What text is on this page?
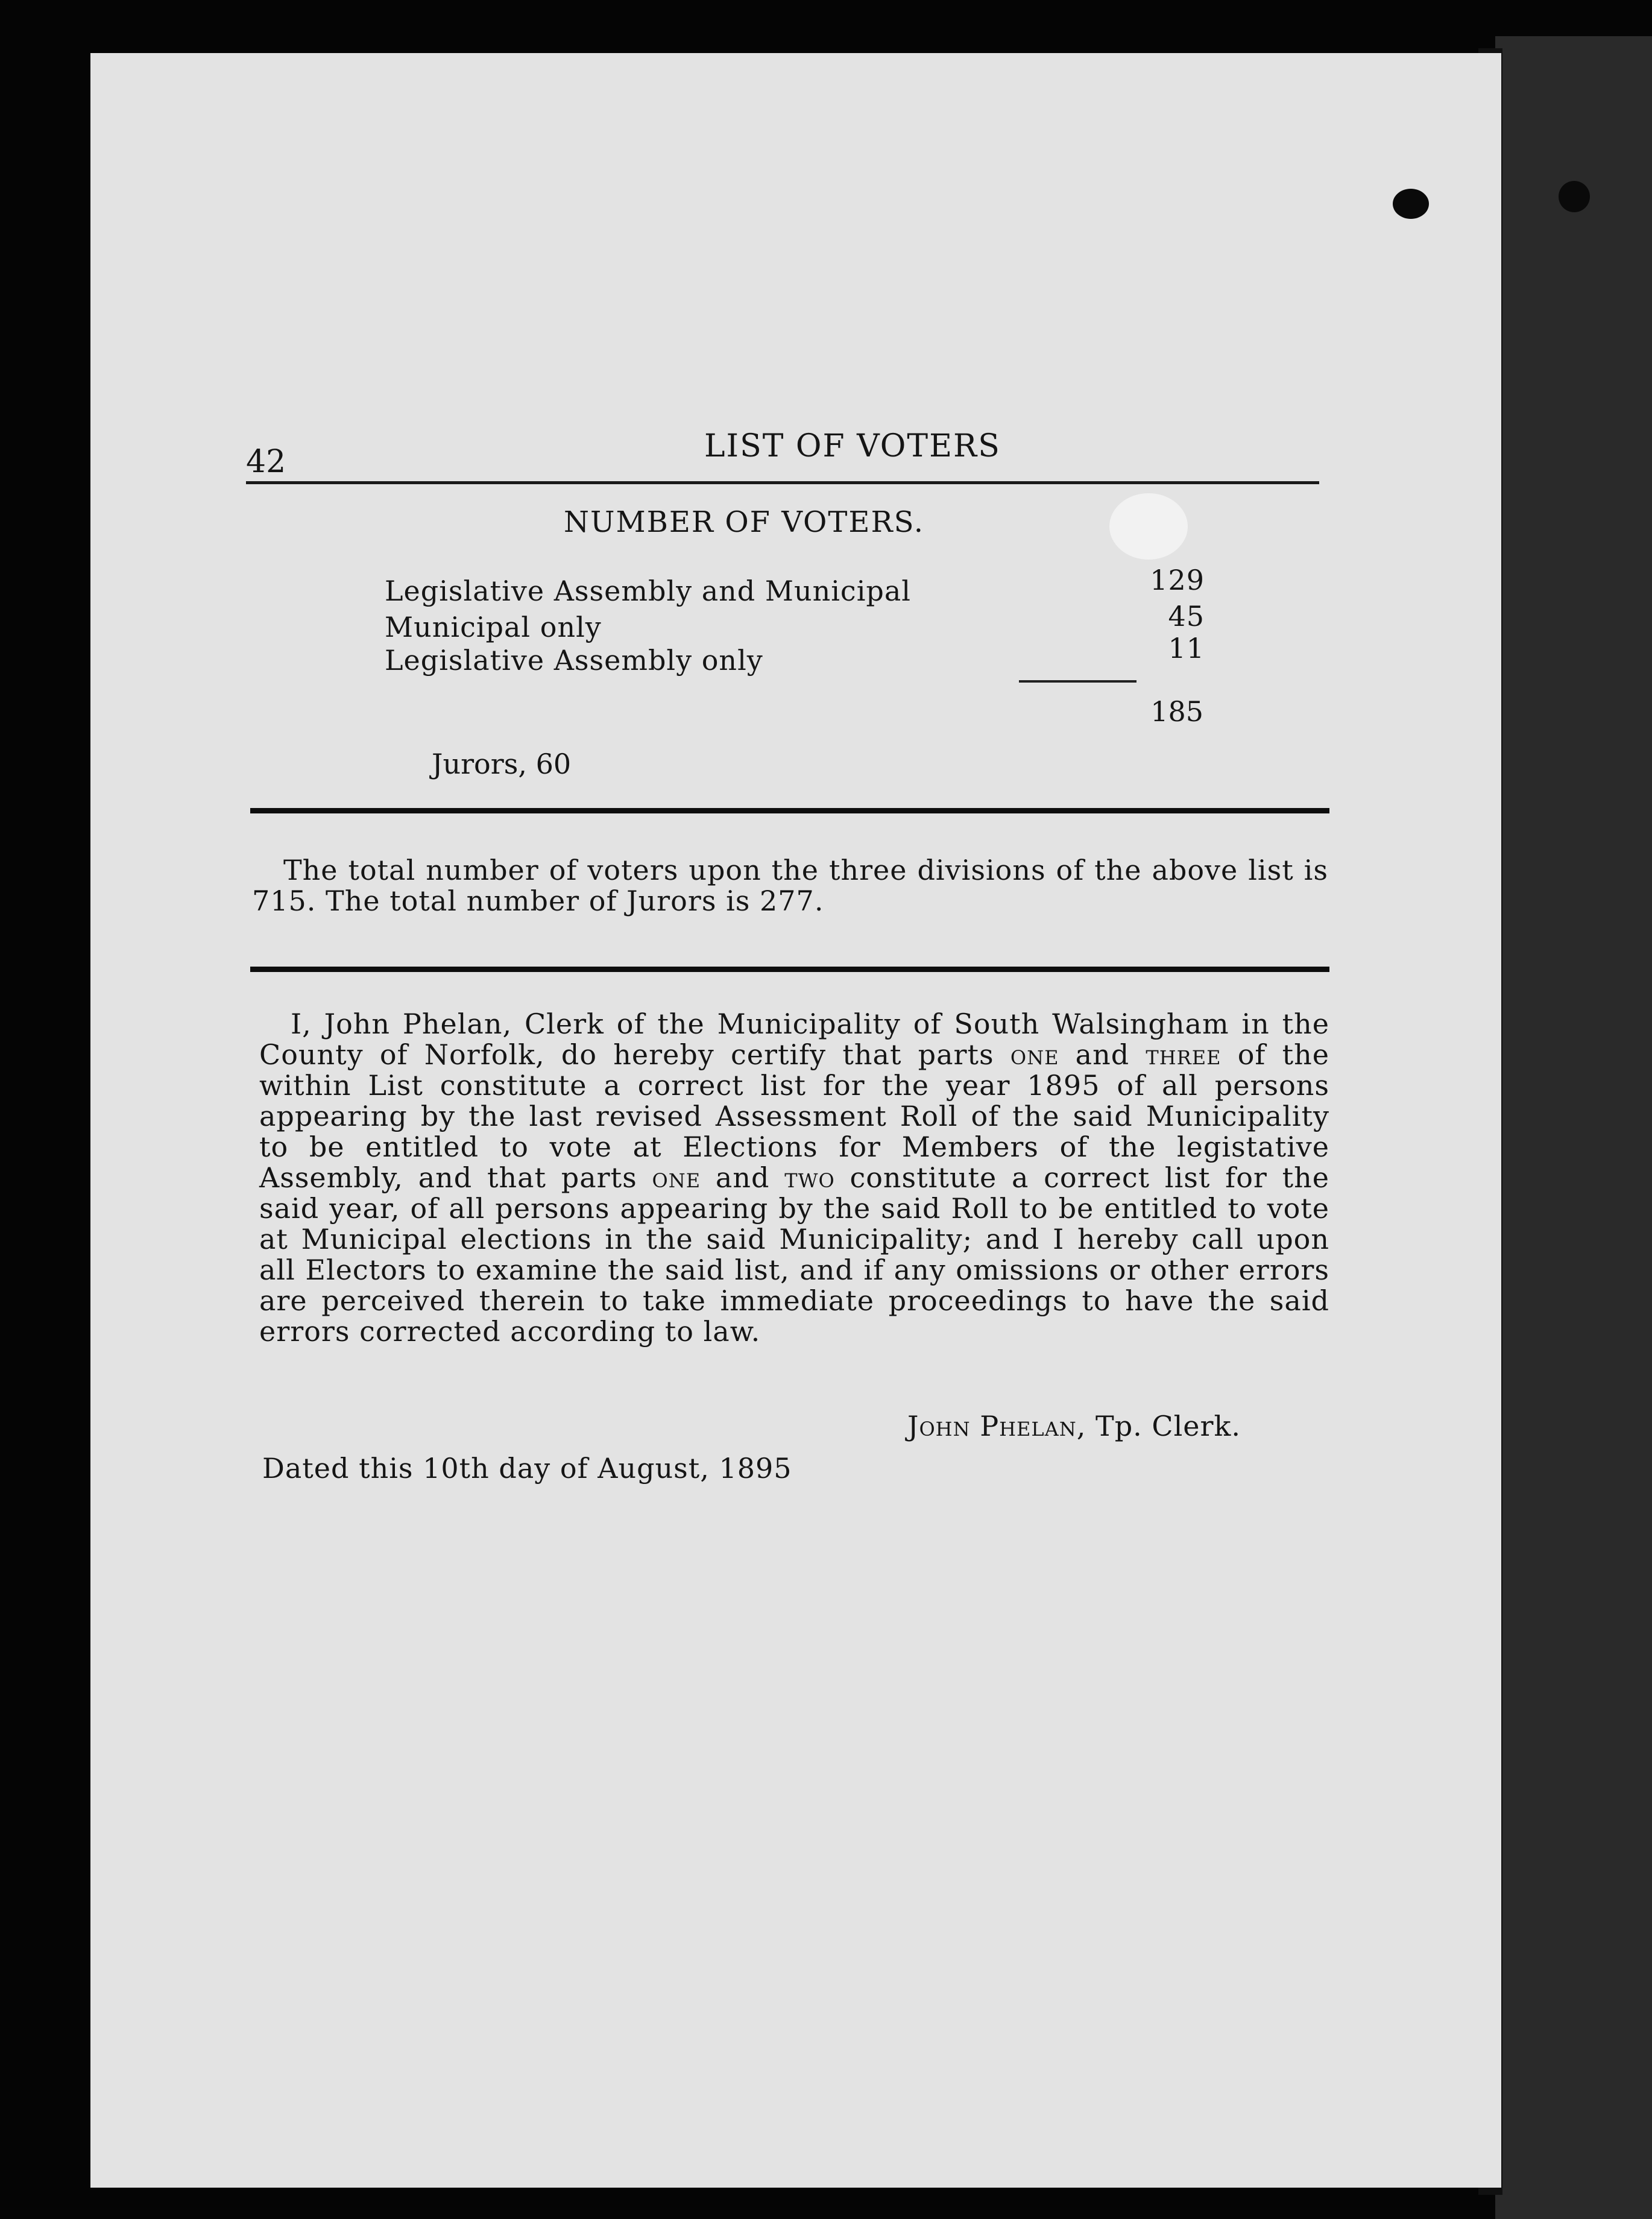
42	LIST OF VOTERS
NUMBER OF VOTERS.
Legislative Assembly and Municipal	129
Municipal only	45
Legislative Assembly only	11
185
Jurors, 60
The total number of voters upon the three divisions of the above list is 715. The total number of Jurors is 277.
I, John Phelan, Clerk of the Municipality of South Walsingham in the County of Norfolk, do hereby certify that parts one and three of the within List constitute a correct list for the year 1895 of all persons appearing by the last revised Assessment Roll of the said Municipality to be entitled to vote at Elections for Members of the legistative Assembly, and that parts one and two constitute a correct list for the said year, of all persons appearing by the said Roll to be entitled to vote at Municipal elections in the said Municipality; and I hereby call upon all Electors to examine the said list, and if any omissions or other errors are perceived therein to take immediate proceedings to have the said errors corrected according to law.
John Phelan, Tp. Clerk.
Dated this 10th day of August, 1895
